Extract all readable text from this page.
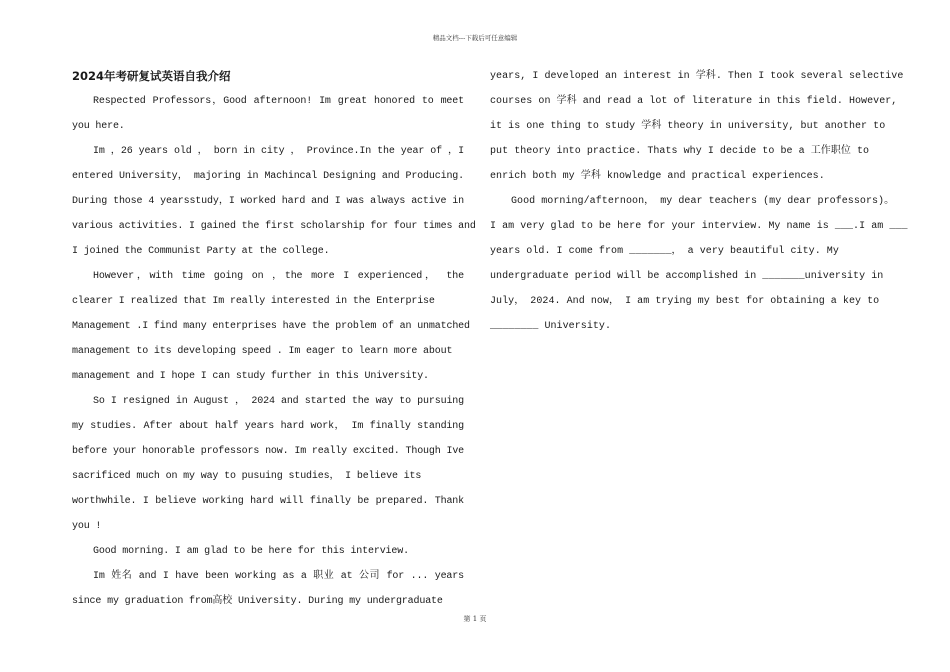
精品文档---下载后可任意编辑
2024年考研复试英语自我介绍

Respected Professors，Good afternoon! Im great honored to meet

you here.

Im ，26 years old ， born in city ， Province.In the year of ，I

entered University， majoring in Machincal Designing and Producing.

During those 4 yearsstudy，I worked hard and I was always active in

various activities. I gained the first scholarship for four times and

I joined the Communist Party at the college.

However，with time going on ，the more I experienced， the

clearer I realized that Im really interested in the Enterprise

Management .I find many enterprises have the problem of an unmatched

management to its developing speed . Im eager to learn more about

management and I hope I can study further in this University.

So I resigned in August ， 2024 and started the way to pursuing

my studies. After about half years hard work， Im finally standing

before your honorable professors now. Im really excited. Though Ive

sacrificed much on my way to pusuing studies， I believe its

worthwhile. I believe working hard will finally be prepared. Thank

you !

Good morning. I am glad to be here for this interview.

Im 姓名 and I have been working as a 职业 at 公司 for ... years

since my graduation from高校 University. During my undergraduate

years, I developed an interest in 学科. Then I took several selective

courses on 学科 and read a lot of literature in this field. However,

it is one thing to study 学科 theory in university, but another to

put theory into practice. Thats why I decide to be a 工作职位 to

enrich both my 学科 knowledge and practical experiences.

Good morning/afternoon， my dear teachers (my dear professors)。

I am very glad to be here for your interview. My name is ___.I am ___

years old. I come from _______， a very beautiful city. My

undergraduate period will be accomplished in _______university in

July， 2024. And now， I am trying my best for obtaining a key to

________ University.

第 1 页
